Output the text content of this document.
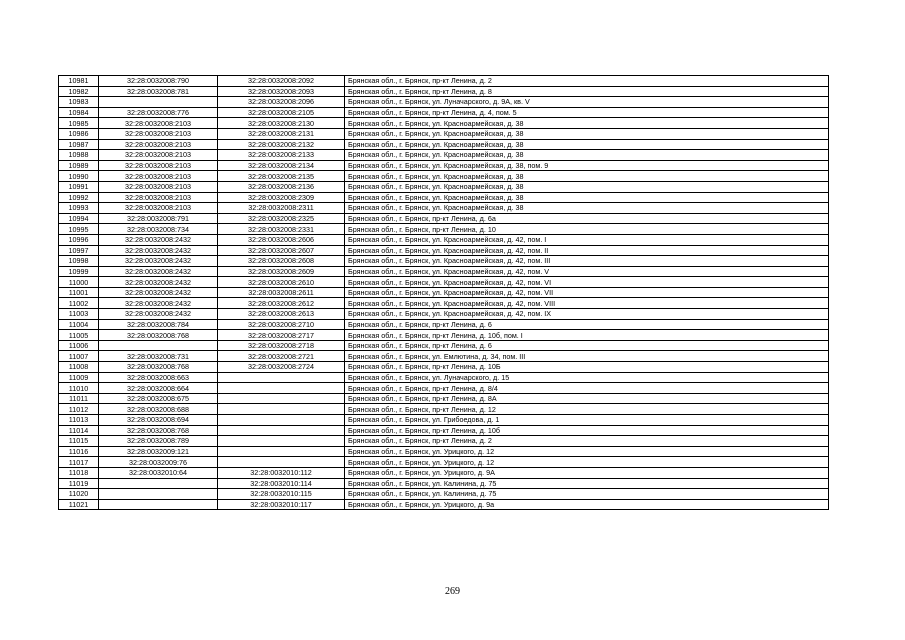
10981	32:28:0032008:790	32:28:0032008:2092	Брянская обл., г. Брянск, пр-кт Ленина, д. 2
10982	32:28:0032008:781	32:28:0032008:2093	Брянская обл., г. Брянск, пр-кт Ленина, д. 8
10983		32:28:0032008:2096	Брянская обл., г. Брянск, ул. Луначарского, д. 9А, кв. V
10984	32:28:0032008:776	32:28:0032008:2105	Брянская обл., г. Брянск, пр-кт Ленина, д. 4, пом. 5
10985	32:28:0032008:2103	32:28:0032008:2130	Брянская обл., г. Брянск, ул. Красноармейская, д. 38
10986	32:28:0032008:2103	32:28:0032008:2131	Брянская обл., г. Брянск, ул. Красноармейская, д. 38
10987	32:28:0032008:2103	32:28:0032008:2132	Брянская обл., г. Брянск, ул. Красноармейская, д. 38
10988	32:28:0032008:2103	32:28:0032008:2133	Брянская обл., г. Брянск, ул. Красноармейская, д. 38
10989	32:28:0032008:2103	32:28:0032008:2134	Брянская обл., г. Брянск, ул. Красноармейская, д. 38, пом. 9
10990	32:28:0032008:2103	32:28:0032008:2135	Брянская обл., г. Брянск, ул. Красноармейская, д. 38
10991	32:28:0032008:2103	32:28:0032008:2136	Брянская обл., г. Брянск, ул. Красноармейская, д. 38
10992	32:28:0032008:2103	32:28:0032008:2309	Брянская обл., г. Брянск, ул. Красноармейская, д. 38
10993	32:28:0032008:2103	32:28:0032008:2311	Брянская обл., г. Брянск, ул. Красноармейская, д. 38
10994	32:28:0032008:791	32:28:0032008:2325	Брянская обл., г. Брянск, пр-кт Ленина, д. 6а
10995	32:28:0032008:734	32:28:0032008:2331	Брянская обл., г. Брянск, пр-кт Ленина, д. 10
10996	32:28:0032008:2432	32:28:0032008:2606	Брянская обл., г. Брянск, ул. Красноармейская, д. 42, пом. I
10997	32:28:0032008:2432	32:28:0032008:2607	Брянская обл., г. Брянск, ул. Красноармейская, д. 42, пом. II
10998	32:28:0032008:2432	32:28:0032008:2608	Брянская обл., г. Брянск, ул. Красноармейская, д. 42, пом. III
10999	32:28:0032008:2432	32:28:0032008:2609	Брянская обл., г. Брянск, ул. Красноармейская, д. 42, пом. V
11000	32:28:0032008:2432	32:28:0032008:2610	Брянская обл., г. Брянск, ул. Красноармейская, д. 42, пом. VI
11001	32:28:0032008:2432	32:28:0032008:2611	Брянская обл., г. Брянск, ул. Красноармейская, д. 42, пом. VII
11002	32:28:0032008:2432	32:28:0032008:2612	Брянская обл., г. Брянск, ул. Красноармейская, д. 42, пом. VIII
11003	32:28:0032008:2432	32:28:0032008:2613	Брянская обл., г. Брянск, ул. Красноармейская, д. 42, пом. IX
11004	32:28:0032008:784	32:28:0032008:2710	Брянская обл., г. Брянск, пр-кт Ленина, д. 6
11005	32:28:0032008:768	32:28:0032008:2717	Брянская обл., г. Брянск, пр-кт Ленина, д. 10б, пом. I
11006		32:28:0032008:2718	Брянская обл., г. Брянск, пр-кт Ленина, д. 6
11007	32:28:0032008:731	32:28:0032008:2721	Брянская обл., г. Брянск, ул. Емлютина, д. 34, пом. III
11008	32:28:0032008:768	32:28:0032008:2724	Брянская обл., г. Брянск, пр-кт Ленина, д. 10Б
11009	32:28:0032008:663		Брянская обл., г. Брянск, ул. Луначарского, д. 15
11010	32:28:0032008:664		Брянская обл., г. Брянск, пр-кт Ленина, д. 8/4
11011	32:28:0032008:675		Брянская обл., г. Брянск, пр-кт Ленина, д. 8А
11012	32:28:0032008:688		Брянская обл., г. Брянск, пр-кт Ленина, д. 12
11013	32:28:0032008:694		Брянская обл., г. Брянск, ул. Грибоедова, д. 1
11014	32:28:0032008:768		Брянская обл., г. Брянск, пр-кт Ленина, д. 10б
11015	32:28:0032008:789		Брянская обл., г. Брянск, пр-кт Ленина, д. 2
11016	32:28:0032009:121		Брянская обл., г. Брянск, ул. Урицкого, д. 12
11017	32:28:0032009:76		Брянская обл., г. Брянск, ул. Урицкого, д. 12
11018	32:28:0032010:64	32:28:0032010:112	Брянская обл., г. Брянск, ул. Урицкого, д. 9А
11019		32:28:0032010:114	Брянская обл., г. Брянск, ул. Калинина, д. 75
11020		32:28:0032010:115	Брянская обл., г. Брянск, ул. Калинина, д. 75
11021		32:28:0032010:117	Брянская обл., г. Брянск, ул. Урицкого, д. 9а
269
